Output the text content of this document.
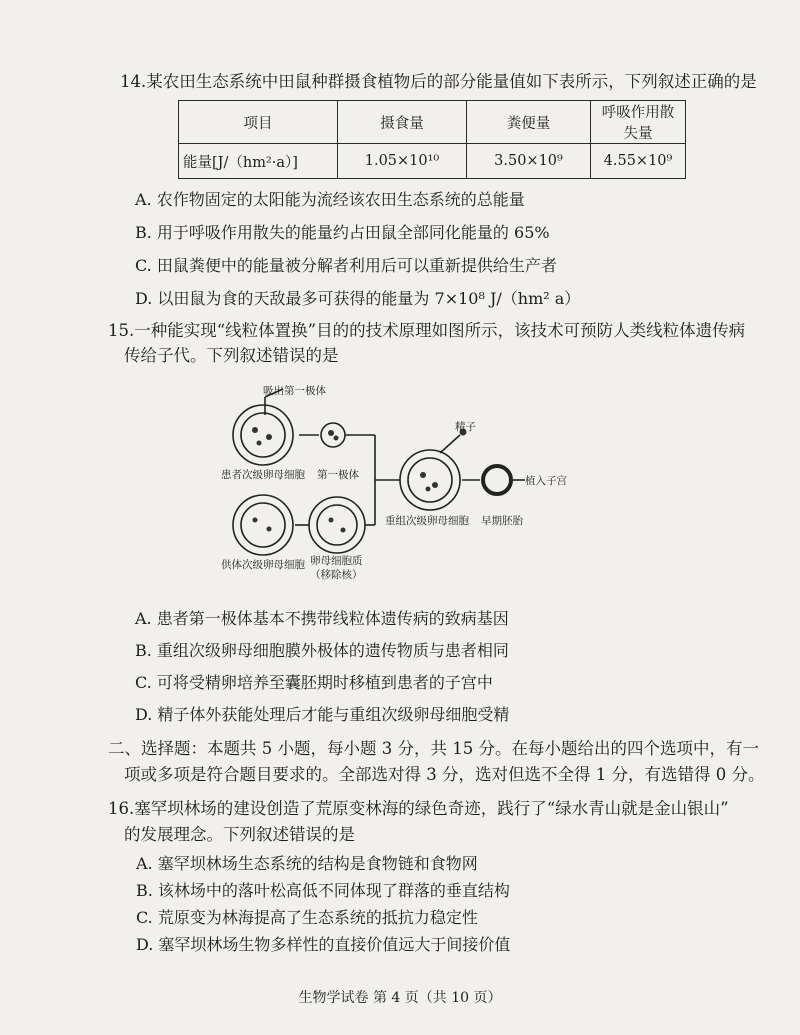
14.某农田生态系统中田鼠种群摄食植物后的部分能量值如下表所示，下列叙述正确的是
项目	摄食量	粪便量	呼吸作用散失量
能量[J/（hm²·a）]	1.05×10¹⁰	3.50×10⁹	4.55×10⁹
A. 农作物固定的太阳能为流经该农田生态系统的总能量
B. 用于呼吸作用散失的能量约占田鼠全部同化能量的 65%
C. 田鼠粪便中的能量被分解者利用后可以重新提供给生产者
D. 以田鼠为食的天敌最多可获得的能量为 7×10⁸ J/（hm² a）
15.一种能实现“线粒体置换”目的的技术原理如图所示，该技术可预防人类线粒体遗传病
传给子代。下列叙述错误的是
吸出第一极体
精子
患者次级卵母细胞 第一极体	植入子宫
重组次级卵母细胞 早期胚胎
供体次级卵母细胞 卵母细胞质
（移除核）
A. 患者第一极体基本不携带线粒体遗传病的致病基因
B. 重组次级卵母细胞膜外极体的遗传物质与患者相同
C. 可将受精卵培养至囊胚期时移植到患者的子宫中
D. 精子体外获能处理后才能与重组次级卵母细胞受精
二、选择题：本题共 5 小题，每小题 3 分，共 15 分。在每小题给出的四个选项中，有一
项或多项是符合题目要求的。全部选对得 3 分，选对但选不全得 1 分，有选错得 0 分。
16.塞罕坝林场的建设创造了荒原变林海的绿色奇迹，践行了“绿水青山就是金山银山”
的发展理念。下列叙述错误的是
A. 塞罕坝林场生态系统的结构是食物链和食物网
B. 该林场中的落叶松高低不同体现了群落的垂直结构
C. 荒原变为林海提高了生态系统的抵抗力稳定性
D. 塞罕坝林场生物多样性的直接价值远大于间接价值
生物学试卷 第 4 页（共 10 页）
